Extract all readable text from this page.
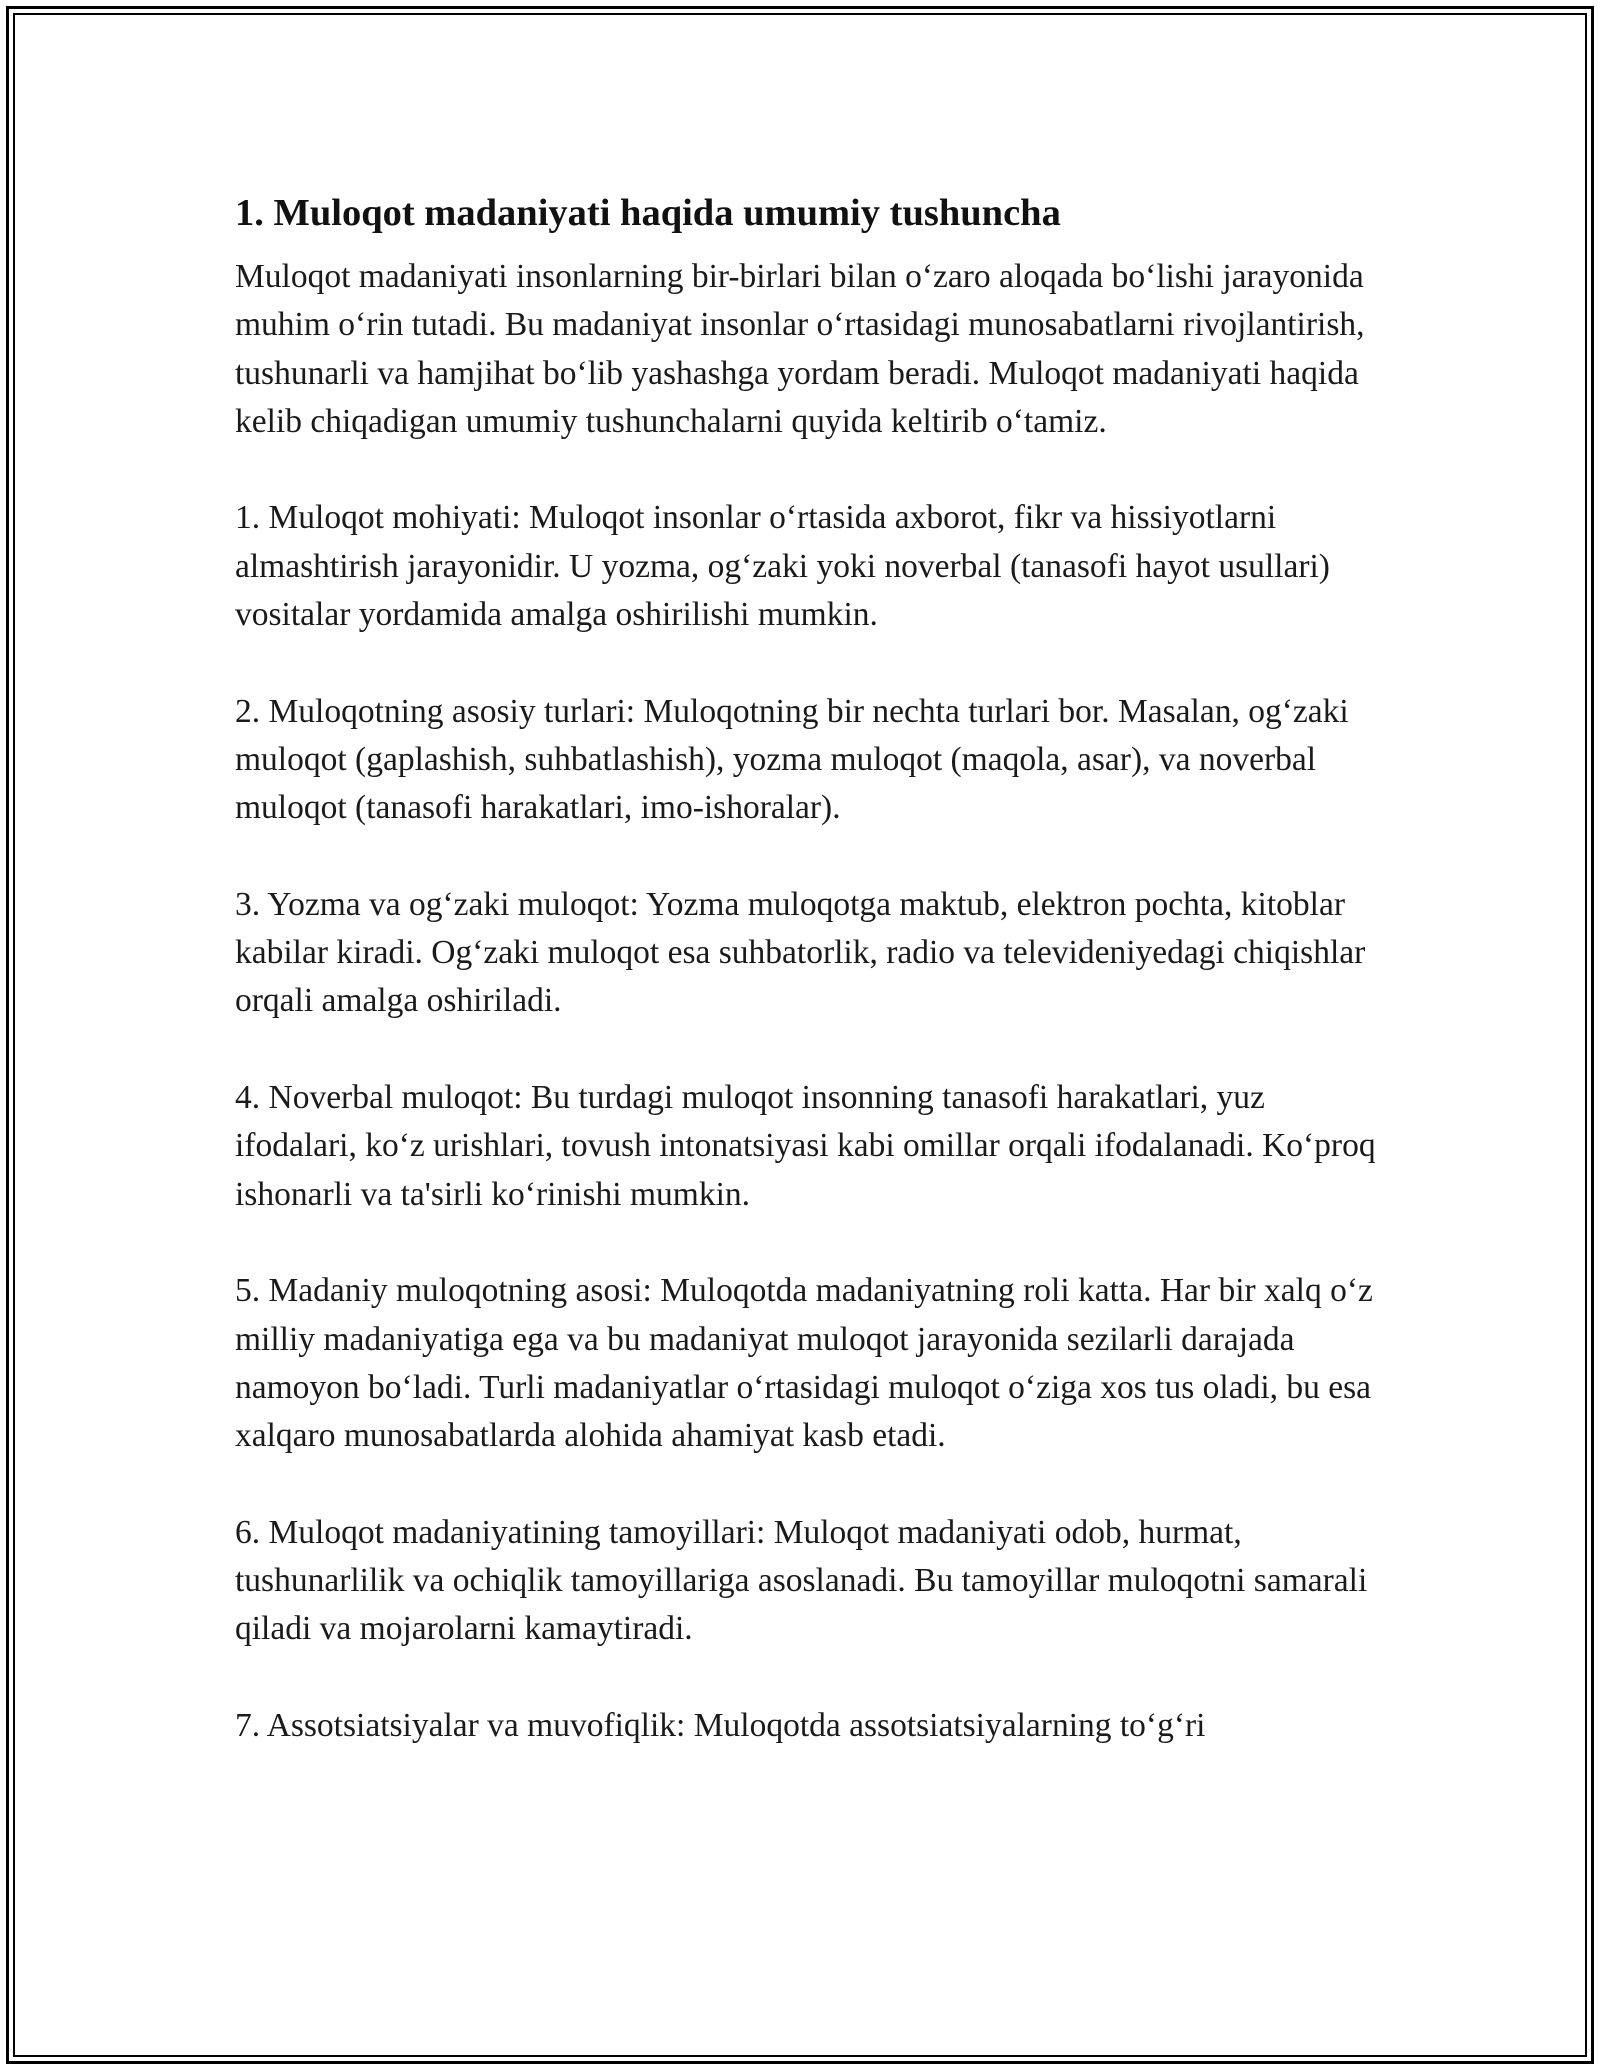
1. Muloqot madaniyati haqida umumiy tushuncha

Muloqot madaniyati insonlarning bir-birlari bilan o‘zaro aloqada bo‘lishi jarayonida muhim o‘rin tutadi. Bu madaniyat insonlar o‘rtasidagi munosabatlarni rivojlantirish, tushunarli va hamjihat bo‘lib yashashga yordam beradi. Muloqot madaniyati haqida kelib chiqadigan umumiy tushunchalarni quyida keltirib o‘tamiz.

1. Muloqot mohiyati: Muloqot insonlar o‘rtasida axborot, fikr va hissiyotlarni almashtirish jarayonidir. U yozma, og‘zaki yoki noverbal (tanasofi hayot usullari) vositalar yordamida amalga oshirilishi mumkin.

2. Muloqotning asosiy turlari: Muloqotning bir nechta turlari bor. Masalan, og‘zaki muloqot (gaplashish, suhbatlashish), yozma muloqot (maqola, asar), va noverbal muloqot (tanasofi harakatlari, imo-ishoralar).

3. Yozma va og‘zaki muloqot: Yozma muloqotga maktub, elektron pochta, kitoblar kabilar kiradi. Og‘zaki muloqot esa suhbatorlik, radio va televideniyedagi chiqishlar orqali amalga oshiriladi.

4. Noverbal muloqot: Bu turdagi muloqot insonning tanasofi harakatlari, yuz ifodalari, ko‘z urishlari, tovush intonatsiyasi kabi omillar orqali ifodalanadi. Ko‘proq ishonarli va ta'sirli ko‘rinishi mumkin.

5. Madaniy muloqotning asosi: Muloqotda madaniyatning roli katta. Har bir xalq o‘z milliy madaniyatiga ega va bu madaniyat muloqot jarayonida sezilarli darajada namoyon bo‘ladi. Turli madaniyatlar o‘rtasidagi muloqot o‘ziga xos tus oladi, bu esa xalqaro munosabatlarda alohida ahamiyat kasb etadi.

6. Muloqot madaniyatining tamoyillari: Muloqot madaniyati odob, hurmat, tushunarlilik va ochiqlik tamoyillariga asoslanadi. Bu tamoyillar muloqotni samarali qiladi va mojarolarni kamaytiradi.

7. Assotsiatsiyalar va muvofiqlik: Muloqotda assotsiatsiyalarning to‘g‘ri
